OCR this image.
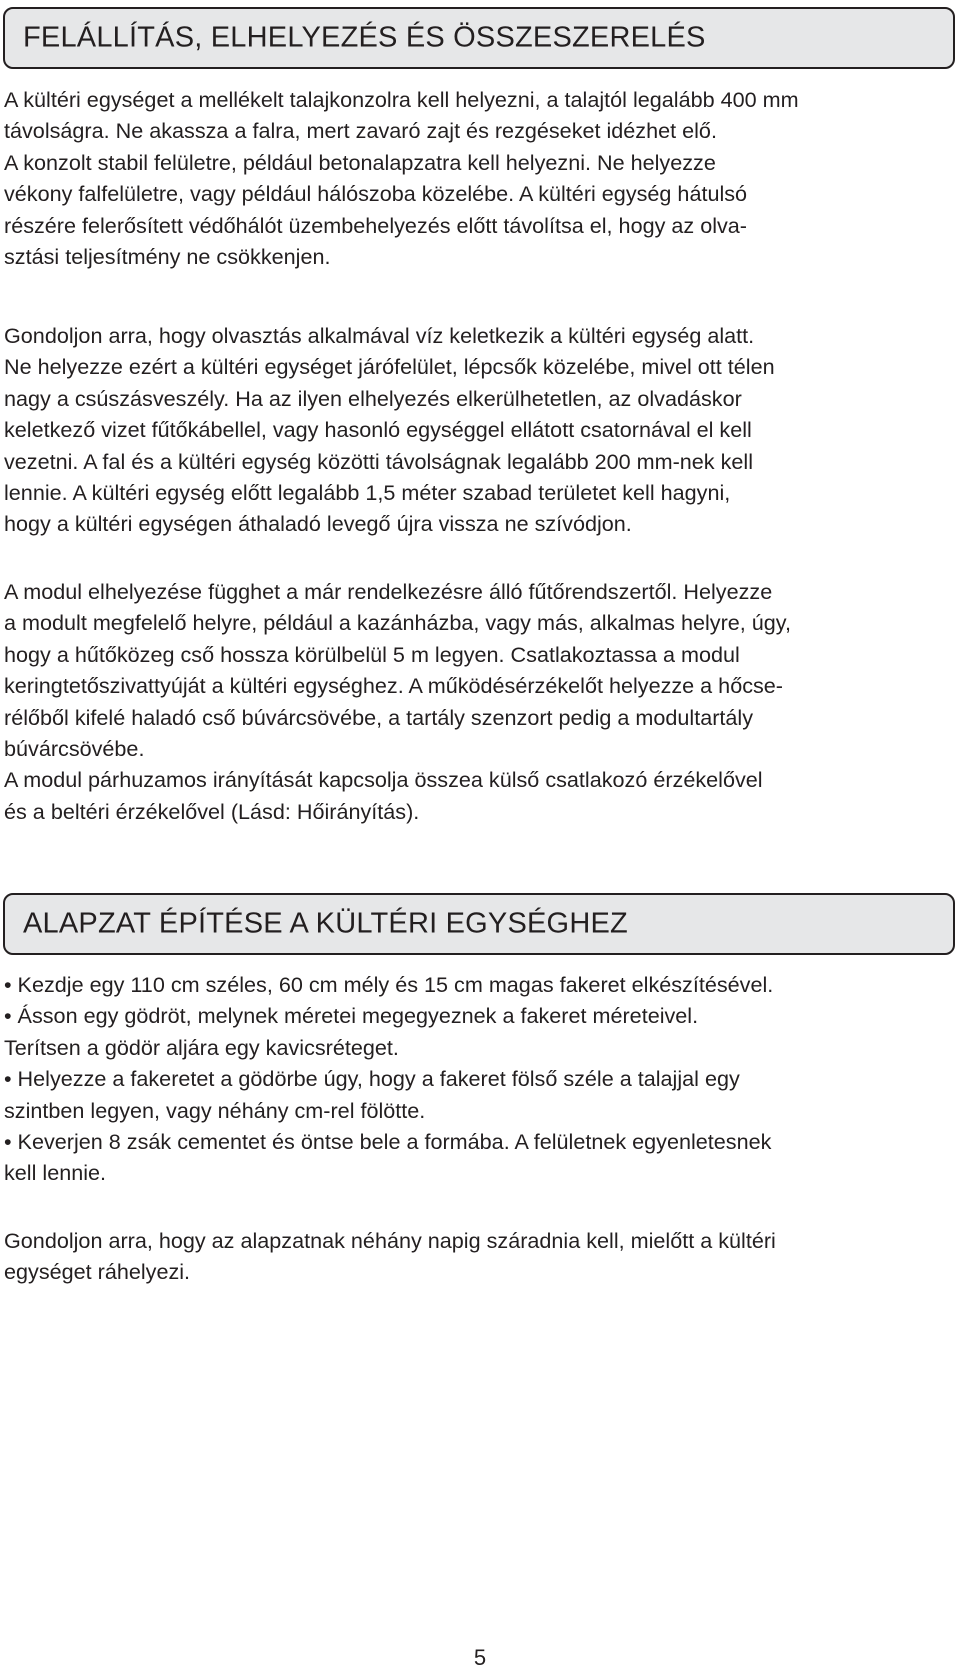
FELÁLLÍTÁS, ELHELYEZÉS ÉS ÖSSZESZERELÉS

A kültéri egységet a mellékelt talajkonzolra kell helyezni, a talajtól legalább 400 mm
távolságra. Ne akassza a falra, mert zavaró zajt és rezgéseket idézhet elő.
A konzolt stabil felületre, például betonalapzatra kell helyezni. Ne helyezze
vékony falfelületre, vagy például hálószoba közelébe. A kültéri egység hátulsó
részére felerősített védőhálót üzembehelyezés előtt távolítsa el, hogy az olva-
sztási teljesítmény ne csökkenjen.

Gondoljon arra, hogy olvasztás alkalmával víz keletkezik a kültéri egység alatt.
Ne helyezze ezért a kültéri egységet járófelület, lépcsők közelébe, mivel ott télen
nagy a csúszásveszély. Ha az ilyen elhelyezés elkerülhetetlen, az olvadáskor
keletkező vizet fűtőkábellel, vagy hasonló egységgel ellátott csatornával el kell
vezetni. A fal és a kültéri egység közötti távolságnak legalább 200 mm-nek kell
lennie. A kültéri egység előtt legalább 1,5 méter szabad területet kell hagyni,
hogy a kültéri egységen áthaladó levegő újra vissza ne szívódjon.

A modul elhelyezése függhet a már rendelkezésre álló fűtőrendszertől. Helyezze
a modult megfelelő helyre, például a kazánházba, vagy más, alkalmas helyre, úgy,
hogy a hűtőközeg cső hossza körülbelül 5 m legyen. Csatlakoztassa a modul
keringtetőszivattyúját a kültéri egységhez. A működésérzékelőt helyezze a hőcse-
rélőből kifelé haladó cső búvárcsövébe, a tartály szenzort pedig a modultartály
búvárcsövébe.
A modul párhuzamos irányítását kapcsolja összea külső csatlakozó érzékelővel
és a beltéri érzékelővel (Lásd: Hőirányítás).

ALAPZAT ÉPÍTÉSE A KÜLTÉRI EGYSÉGHEZ

• Kezdje egy 110 cm széles, 60 cm mély és 15 cm magas fakeret elkészítésével.
• Ásson egy gödröt, melynek méretei megegyeznek a fakeret méreteivel.
Terítsen a gödör aljára egy kavicsréteget.
• Helyezze a fakeretet a gödörbe úgy, hogy a fakeret fölső széle a talajjal egy
szintben legyen, vagy néhány cm-rel fölötte.
• Keverjen 8 zsák cementet és öntse bele a formába. A felületnek egyenletesnek
kell lennie.

Gondoljon arra, hogy az alapzatnak néhány napig száradnia kell, mielőtt a kültéri
egységet ráhelyezi.

5
